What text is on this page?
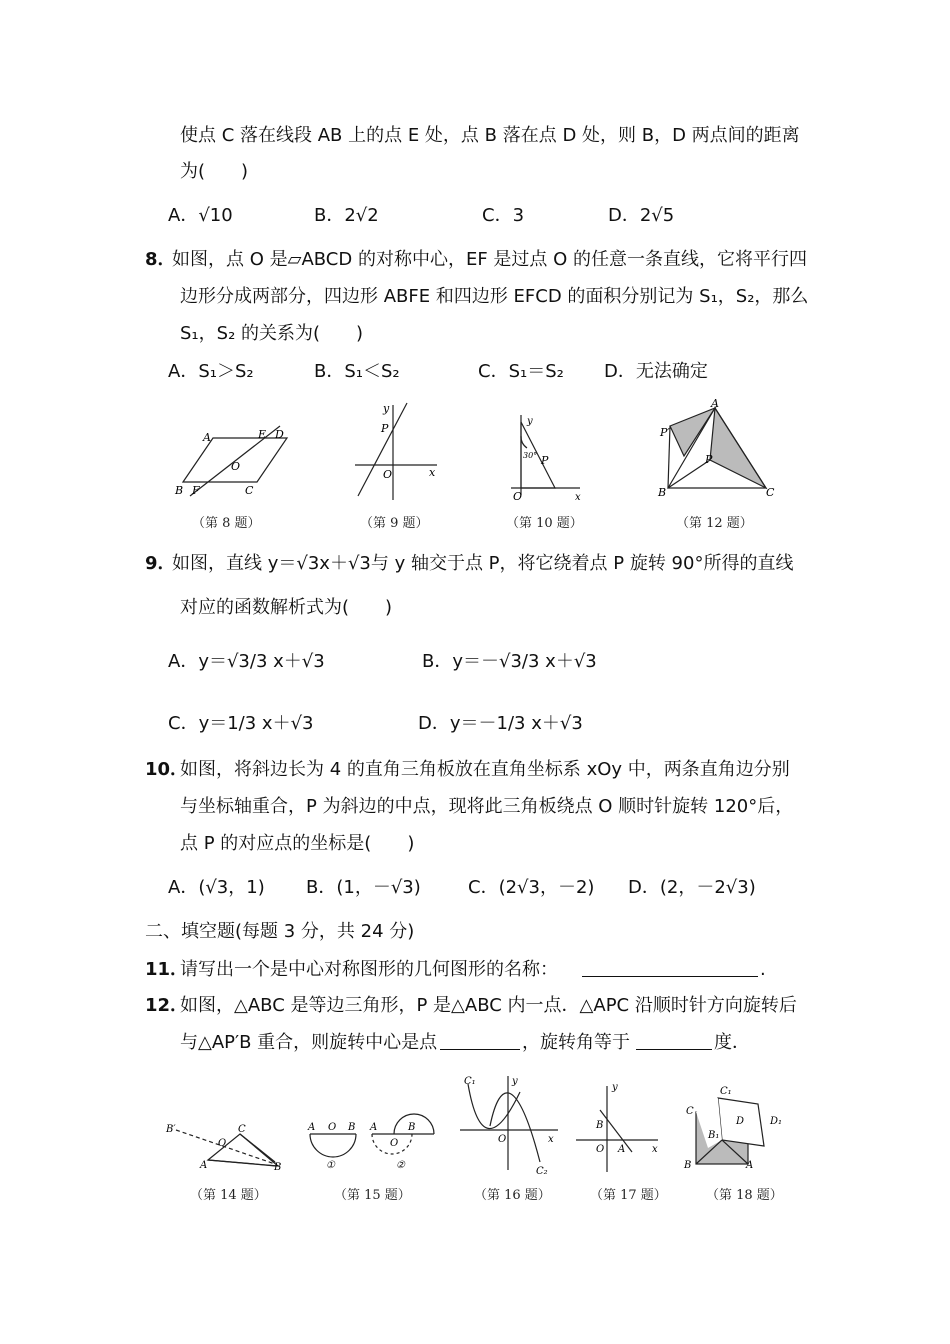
使点 C 落在线段 AB 上的点 E 处，点 B 落在点 D 处，则 B，D 两点间的距离
为(　　)
A．√10	B．2√2	C．3	D．2√5
8．
如图，点 O 是▱ABCD 的对称中心，EF 是过点 O 的任意一条直线，它将平行四
边形分成两部分，四边形 ABFE 和四边形 EFCD 的面积分别记为 S₁，S₂，那么
S₁，S₂ 的关系为(　　)
A．S₁＞S₂	B．S₁＜S₂	C．S₁＝S₂ D．无法确定
A	E D
O
B F	C
y
P
O	x
y
P
30°
O	x
A
P′
P
B	C
（第 8 题）	（第 9 题）	（第 10 题）	（第 12 题）
9．
如图，直线 y＝√3x＋√3与 y 轴交于点 P，将它绕着点 P 旋转 90°所得的直线
对应的函数解析式为(　　)
A．y＝√3/3 x＋√3	B．y＝－√3/3 x＋√3
C．y＝1/3 x＋√3	D．y＝－1/3 x＋√3
10．
如图，将斜边长为 4 的直角三角板放在直角坐标系 xOy 中，两条直角边分别
与坐标轴重合，P 为斜边的中点，现将此三角板绕点 O 顺时针旋转 120°后，
点 P 的对应点的坐标是(　　)
A．(√3，1) B．(1，－√3)	C．(2√3，－2) D．(2，－2√3)
二、填空题(每题 3 分，共 24 分)
11．
请写出一个是中心对称图形的几何图形的名称：	.
12．
如图，△ABC 是等边三角形，P 是△ABC 内一点．△APC 沿顺时针方向旋转后
与△AP′B 重合，则旋转中心是点	，旋转角等于	度．
B′	C
O
A	B
A O B
①
A
O
B
②
C₁	y
O	x
C₂
y
B
O A	x
C₁
C
D	D₁
B₁
B	A
（第 14 题）	（第 15 题）	（第 16 题）	（第 17 题）	（第 18 题）
